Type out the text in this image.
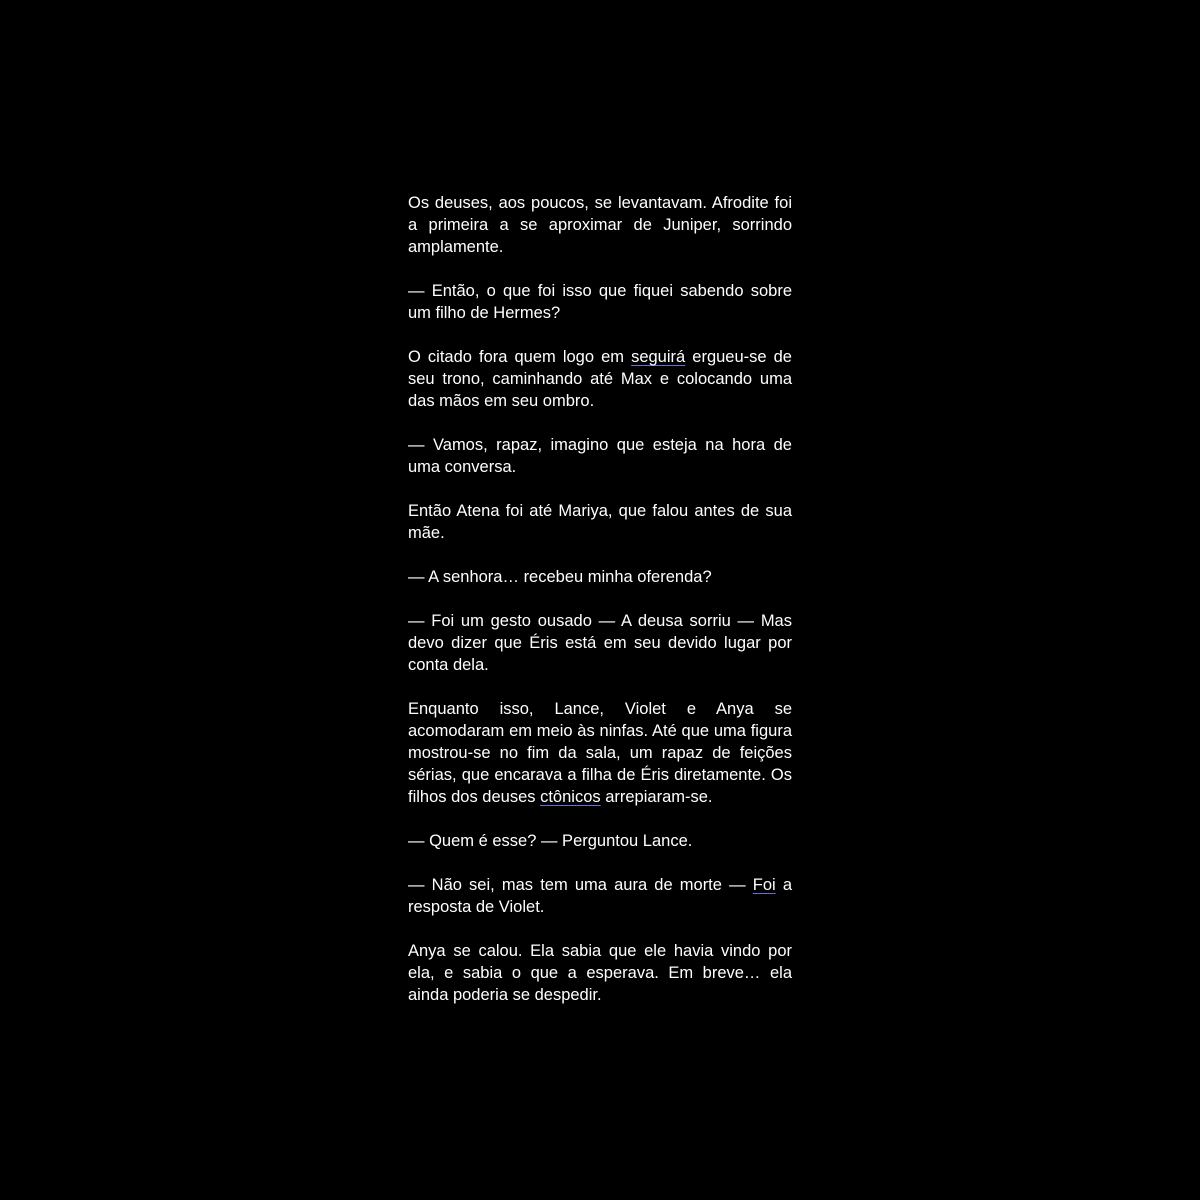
Os deuses, aos poucos, se levantavam. Afrodite foi a primeira a se aproximar de Juniper, sorrindo amplamente.

— Então, o que foi isso que fiquei sabendo sobre um filho de Hermes?

O citado fora quem logo em seguirá ergueu-se de seu trono, caminhando até Max e colocando uma das mãos em seu ombro.

— Vamos, rapaz, imagino que esteja na hora de uma conversa.

Então Atena foi até Mariya, que falou antes de sua mãe.

— A senhora… recebeu minha oferenda?

— Foi um gesto ousado — A deusa sorriu — Mas devo dizer que Éris está em seu devido lugar por conta dela.

Enquanto isso, Lance, Violet e Anya se acomodaram em meio às ninfas. Até que uma figura mostrou-se no fim da sala, um rapaz de feições sérias, que encarava a filha de Éris diretamente. Os filhos dos deuses ctônicos arrepiaram-se.

— Quem é esse? — Perguntou Lance.

— Não sei, mas tem uma aura de morte — Foi a resposta de Violet.

Anya se calou. Ela sabia que ele havia vindo por ela, e sabia o que a esperava. Em breve… ela ainda poderia se despedir.
